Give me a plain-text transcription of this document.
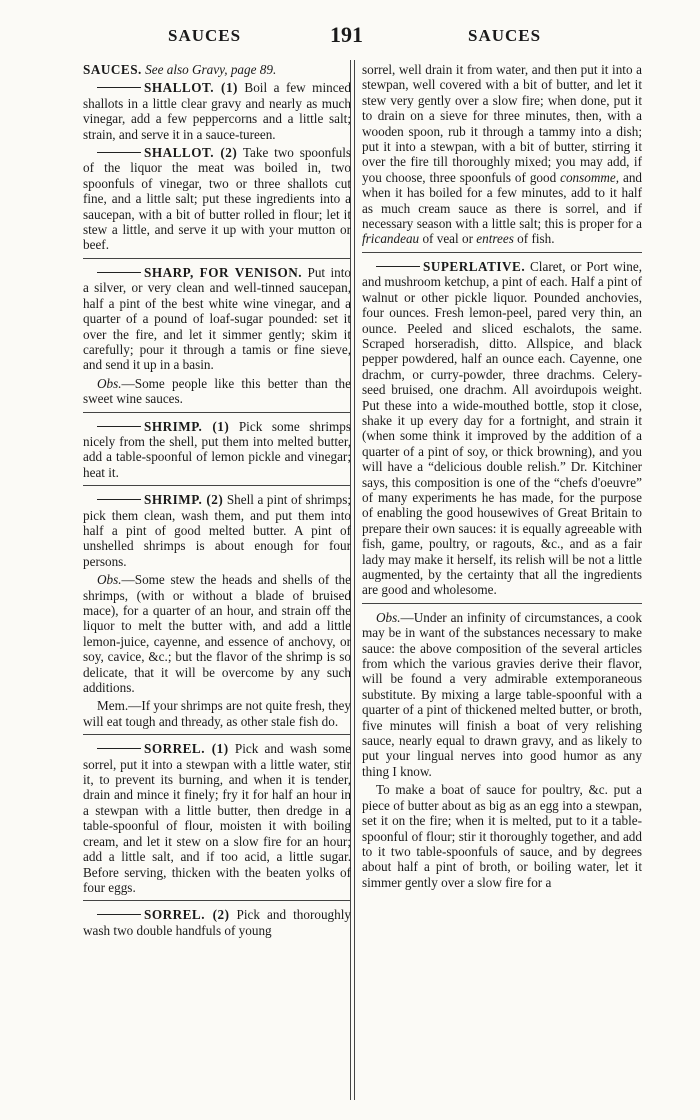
SAUCES	191	SAUCES

SAUCES. See also Gravy, page 89.

SHALLOT. (1) Boil a few minced shallots in a little clear gravy and nearly as much vinegar, add a few peppercorns and a little salt; strain, and serve it in a sauce-tureen.

SHALLOT. (2) Take two spoonfuls of the liquor the meat was boiled in, two spoonfuls of vinegar, two or three shallots cut fine, and a little salt; put these ingredients into a saucepan, with a bit of butter rolled in flour; let it stew a little, and serve it up with your mutton or beef.

SHARP, FOR VENISON. Put into a silver, or very clean and well-tinned saucepan, half a pint of the best white wine vinegar, and a quarter of a pound of loaf-sugar pounded: set it over the fire, and let it simmer gently; skim it carefully; pour it through a tamis or fine sieve, and send it up in a basin.

Obs.—Some people like this better than the sweet wine sauces.

SHRIMP. (1) Pick some shrimps nicely from the shell, put them into melted butter, add a table-spoonful of lemon pickle and vinegar; heat it.

SHRIMP. (2) Shell a pint of shrimps; pick them clean, wash them, and put them into half a pint of good melted butter. A pint of unshelled shrimps is about enough for four persons.

Obs.—Some stew the heads and shells of the shrimps, (with or without a blade of bruised mace), for a quarter of an hour, and strain off the liquor to melt the butter with, and add a little lemon-juice, cayenne, and essence of anchovy, or soy, cavice, &c.; but the flavor of the shrimp is so delicate, that it will be overcome by any such additions.

Mem.—If your shrimps are not quite fresh, they will eat tough and thready, as other stale fish do.

SORREL. (1) Pick and wash some sorrel, put it into a stewpan with a little water, stir it, to prevent its burning, and when it is tender, drain and mince it finely; fry it for half an hour in a stewpan with a little butter, then dredge in a table-spoonful of flour, moisten it with boiling cream, and let it stew on a slow fire for an hour; add a little salt, and if too acid, a little sugar. Before serving, thicken with the beaten yolks of four eggs.

SORREL. (2) Pick and thoroughly wash two double handfuls of young

sorrel, well drain it from water, and then put it into a stewpan, well covered with a bit of butter, and let it stew very gently over a slow fire; when done, put it to drain on a sieve for three minutes, then, with a wooden spoon, rub it through a tammy into a dish; put it into a stewpan, with a bit of butter, stirring it over the fire till thoroughly mixed; you may add, if you choose, three spoonfuls of good consomme, and when it has boiled for a few minutes, add to it half as much cream sauce as there is sorrel, and if necessary season with a little salt; this is proper for a fricandeau of veal or entrees of fish.

SUPERLATIVE. Claret, or Port wine, and mushroom ketchup, a pint of each. Half a pint of walnut or other pickle liquor. Pounded anchovies, four ounces. Fresh lemon-peel, pared very thin, an ounce. Peeled and sliced eschalots, the same. Scraped horseradish, ditto. Allspice, and black pepper powdered, half an ounce each. Cayenne, one drachm, or curry-powder, three drachms. Celery-seed bruised, one drachm. All avoirdupois weight. Put these into a wide-mouthed bottle, stop it close, shake it up every day for a fortnight, and strain it (when some think it improved by the addition of a quarter of a pint of soy, or thick browning), and you will have a “delicious double relish.” Dr. Kitchiner says, this composition is one of the “chefs d'oeuvre” of many experiments he has made, for the purpose of enabling the good housewives of Great Britain to prepare their own sauces: it is equally agreeable with fish, game, poultry, or ragouts, &c., and as a fair lady may make it herself, its relish will be not a little augmented, by the certainty that all the ingredients are good and wholesome.

Obs.—Under an infinity of circumstances, a cook may be in want of the substances necessary to make sauce: the above composition of the several articles from which the various gravies derive their flavor, will be found a very admirable extemporaneous substitute. By mixing a large table-spoonful with a quarter of a pint of thickened melted butter, or broth, five minutes will finish a boat of very relishing sauce, nearly equal to drawn gravy, and as likely to put your lingual nerves into good humor as any thing I know.

To make a boat of sauce for poultry, &c. put a piece of butter about as big as an egg into a stewpan, set it on the fire; when it is melted, put to it a table-spoonful of flour; stir it thoroughly together, and add to it two table-spoonfuls of sauce, and by degrees about half a pint of broth, or boiling water, let it simmer gently over a slow fire for a
